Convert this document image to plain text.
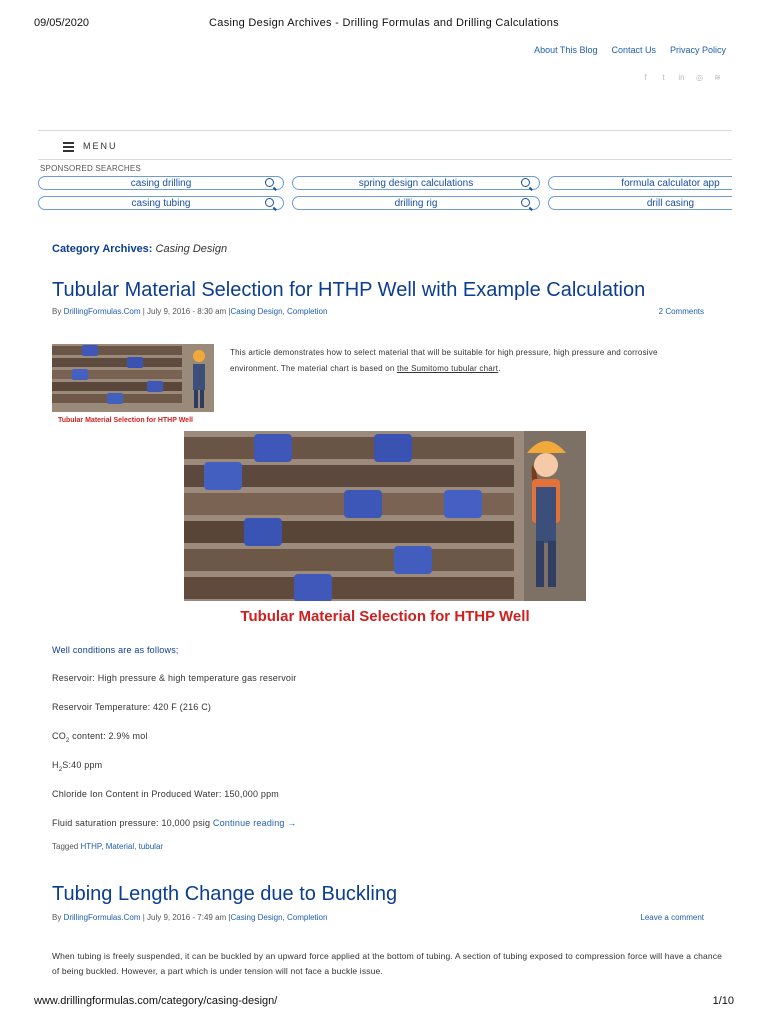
09/05/2020	Casing Design Archives - Drilling Formulas and Drilling Calculations
www.drillingformulas.com/category/casing-design/	1/10
About This Blog Contact Us Privacy Policy
f	t	in ◎ ≋
MENU
SPONSORED SEARCHES
casing drilling	spring design calculations	formula calculator app
casing tubing	drilling rig	drill casing
Category Archives: Casing Design
Tubular Material Selection for HTHP Well with Example Calculation
By DrillingFormulas.Com | July 9, 2016 - 8:30 am |Casing Design, Completion	2 Comments
Tubular Material Selection for HTHP Well
This article demonstrates how to select material that will be suitable for high pressure, high pressure and corrosive environment. The material chart is based on the Sumitomo tubular chart.
Tubular Material Selection for HTHP Well
Well conditions are as follows;
Reservoir: High pressure & high temperature gas reservoir
Reservoir Temperature: 420 F (216 C)
$CO_2$ content: 2.9% mol
$H_2S:40$ ppm
Chloride Ion Content in Produced Water: 150,000 ppm
Fluid saturation pressure: 10,000 psig Continue reading →
Tagged HTHP, Material, tubular
Tubing Length Change due to Buckling
By DrillingFormulas.Com | July 9, 2016 - 7:49 am |Casing Design, Completion	Leave a comment
When tubing is freely suspended, it can be buckled by an upward force applied at the bottom of tubing. A section of tubing exposed to compression force will have a chance of being buckled. However, a part which is under tension will not face a buckle issue.
